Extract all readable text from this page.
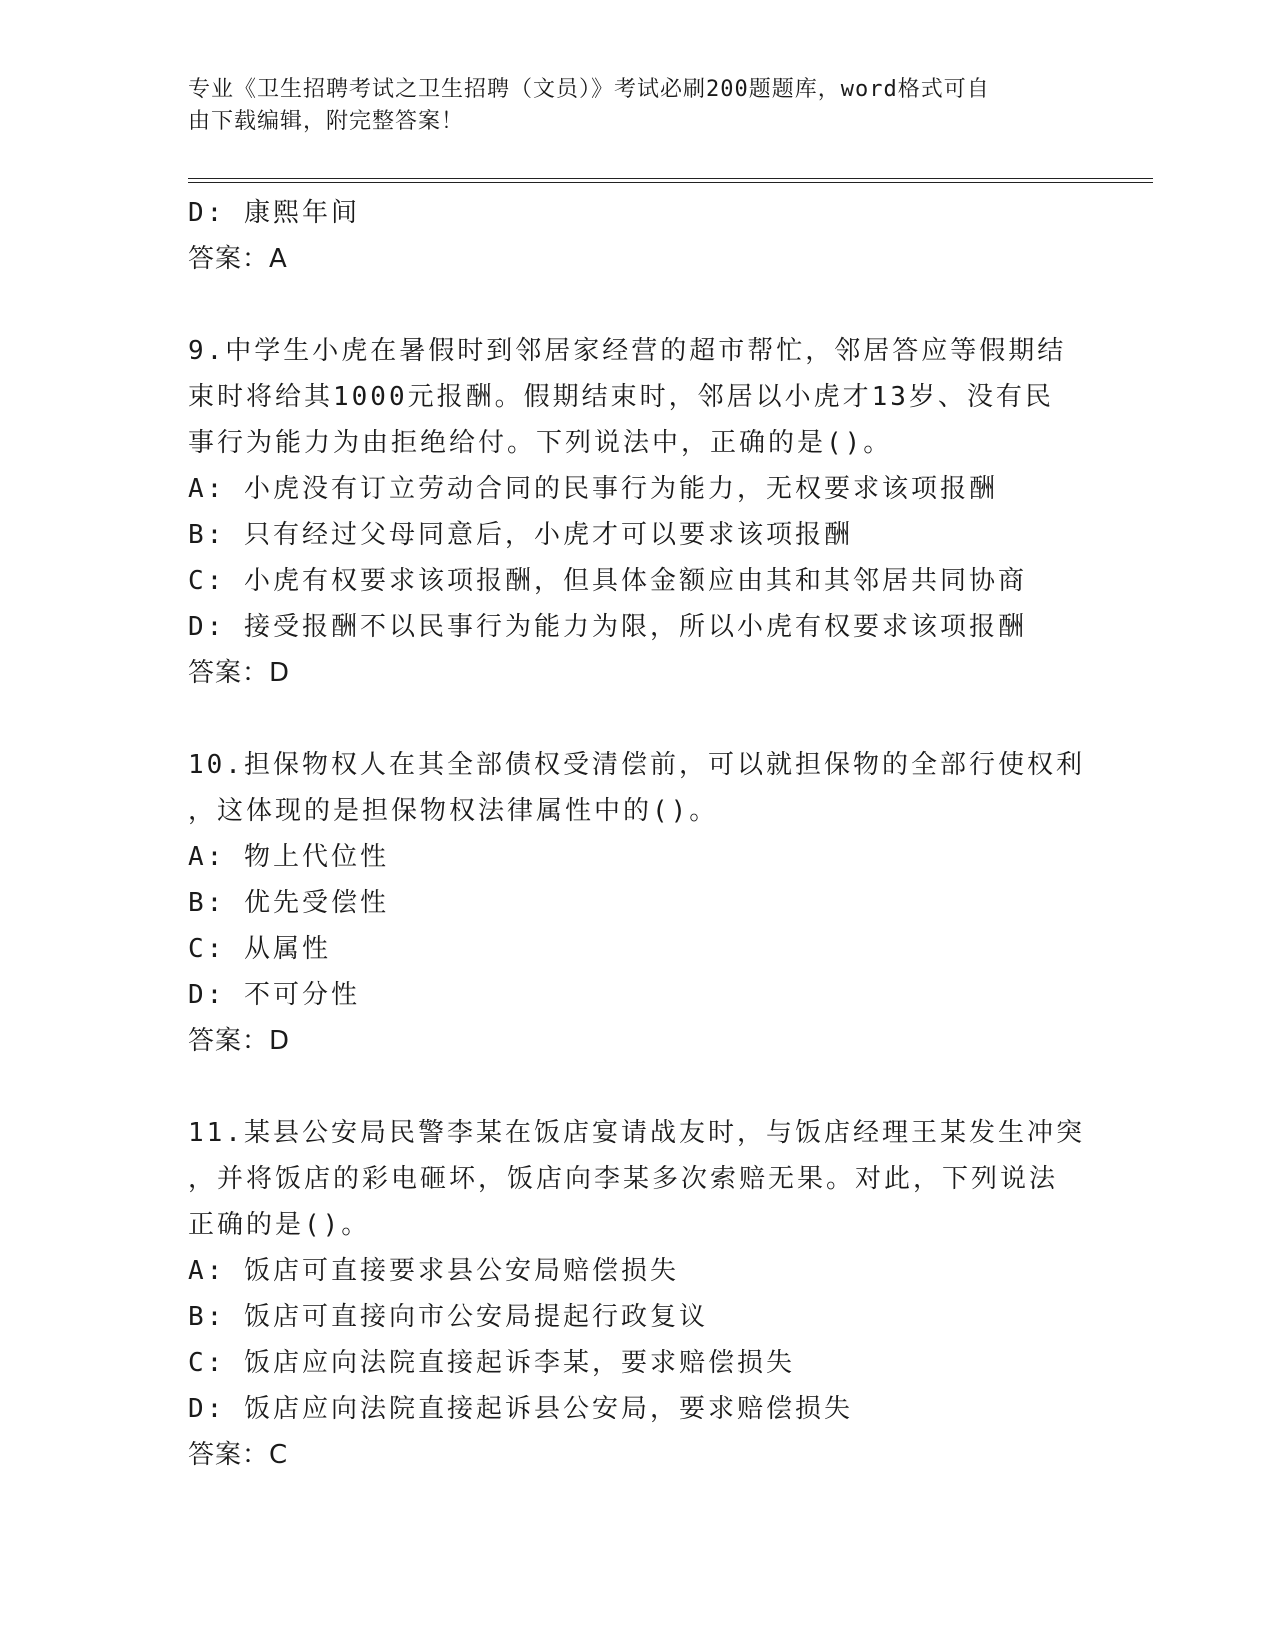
专业《卫生招聘考试之卫生招聘（文员）》考试必刷200题题库，word格式可自
由下载编辑，附完整答案！
D: 康熙年间
答案：A
9.中学生小虎在暑假时到邻居家经营的超市帮忙，邻居答应等假期结
束时将给其1000元报酬。假期结束时，邻居以小虎才13岁、没有民
事行为能力为由拒绝给付。下列说法中，正确的是()。
A: 小虎没有订立劳动合同的民事行为能力，无权要求该项报酬
B: 只有经过父母同意后，小虎才可以要求该项报酬
C: 小虎有权要求该项报酬，但具体金额应由其和其邻居共同协商
D: 接受报酬不以民事行为能力为限，所以小虎有权要求该项报酬
答案：D
10.担保物权人在其全部债权受清偿前，可以就担保物的全部行使权利
，这体现的是担保物权法律属性中的()。
A: 物上代位性
B: 优先受偿性
C: 从属性
D: 不可分性
答案：D
11.某县公安局民警李某在饭店宴请战友时，与饭店经理王某发生冲突
，并将饭店的彩电砸坏，饭店向李某多次索赔无果。对此，下列说法
正确的是()。
A: 饭店可直接要求县公安局赔偿损失
B: 饭店可直接向市公安局提起行政复议
C: 饭店应向法院直接起诉李某，要求赔偿损失
D: 饭店应向法院直接起诉县公安局，要求赔偿损失
答案：C
